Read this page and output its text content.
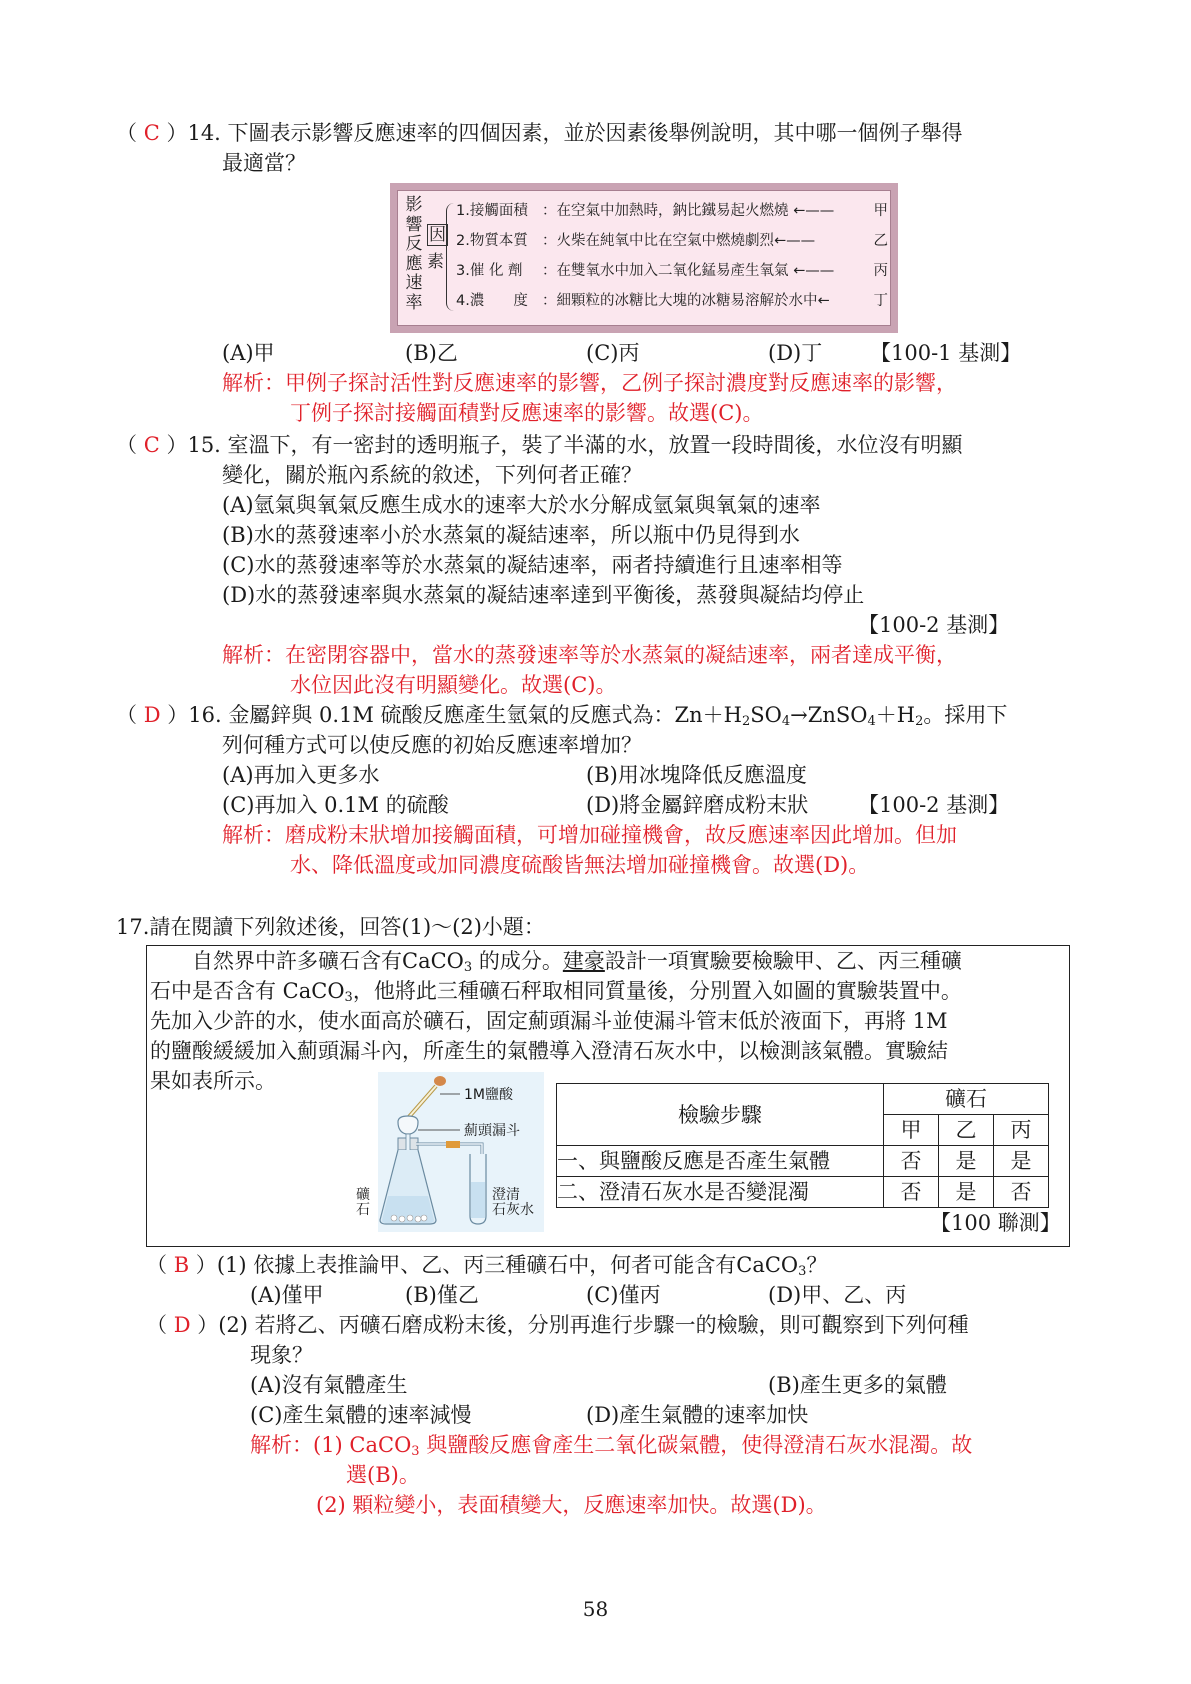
（ C ）14. 下圖表示影響反應速率的四個因素，並於因素後舉例說明，其中哪一個例子舉得
最適當？
影
響
反
應
速
率
因
素
1.接觸面積 ：在空氣中加熱時，鈉比鐵易起火燃燒 ←——	甲
2.物質本質 ：火柴在純氧中比在空氣中燃燒劇烈←——	乙
3.催 化 劑 ：在雙氧水中加入二氧化錳易產生氧氣 ←——	丙
4.濃　　度 ：細顆粒的冰糖比大塊的冰糖易溶解於水中←	丁
(A)甲	(B)乙	(C)丙	(D)丁 【100-1 基測】
解析：甲例子探討活性對反應速率的影響，乙例子探討濃度對反應速率的影響，
丁例子探討接觸面積對反應速率的影響。故選(C)。
（ C ）15. 室溫下，有一密封的透明瓶子，裝了半滿的水，放置一段時間後，水位沒有明顯
變化，關於瓶內系統的敘述，下列何者正確？
(A)氫氣與氧氣反應生成水的速率大於水分解成氫氣與氧氣的速率
(B)水的蒸發速率小於水蒸氣的凝結速率，所以瓶中仍見得到水
(C)水的蒸發速率等於水蒸氣的凝結速率，兩者持續進行且速率相等
(D)水的蒸發速率與水蒸氣的凝結速率達到平衡後，蒸發與凝結均停止
【100-2 基測】
解析：在密閉容器中，當水的蒸發速率等於水蒸氣的凝結速率，兩者達成平衡，
水位因此沒有明顯變化。故選(C)。
（ D ）16. 金屬鋅與 0.1M 硫酸反應產生氫氣的反應式為：$Zn+H_2SO_4\to ZnSO_4+H_2$。採用下
列何種方式可以使反應的初始反應速率增加？
(A)再加入更多水	(B)用冰塊降低反應溫度
(C)再加入 0.1M 的硫酸	(D)將金屬鋅磨成粉末狀 【100-2 基測】
解析：磨成粉末狀增加接觸面積，可增加碰撞機會，故反應速率因此增加。但加
水、降低溫度或加同濃度硫酸皆無法增加碰撞機會。故選(D)。
17.請在閱讀下列敘述後，回答(1)～(2)小題：
自然界中許多礦石含有CaCO$_3$ 的成分。建豪設計一項實驗要檢驗甲、乙、丙三種礦
石中是否含有 CaCO$_3$，他將此三種礦石秤取相同質量後，分別置入如圖的實驗裝置中。
先加入少許的水，使水面高於礦石，固定薊頭漏斗並使漏斗管末低於液面下，再將 1M
的鹽酸緩緩加入薊頭漏斗內，所產生的氣體導入澄清石灰水中，以檢測該氣體。實驗結
果如表所示。
1M鹽酸
薊頭漏斗
礦
石
澄清
石灰水
檢驗步驟	礦石		
	甲	乙	丙
一、與鹽酸反應是否產生氣體	否	是	是
二、澄清石灰水是否變混濁	否	是	否
【100 聯測】
（ B ）(1) 依據上表推論甲、乙、丙三種礦石中，何者可能含有CaCO$_3$？
(A)僅甲	(B)僅乙	(C)僅丙	(D)甲、乙、丙
（ D ）(2) 若將乙、丙礦石磨成粉末後，分別再進行步驟一的檢驗，則可觀察到下列何種
現象？
(A)沒有氣體產生	(B)產生更多的氣體
(C)產生氣體的速率減慢	(D)產生氣體的速率加快
解析：(1) CaCO$_3$ 與鹽酸反應會產生二氧化碳氣體，使得澄清石灰水混濁。故
選(B)。
(2) 顆粒變小，表面積變大，反應速率加快。故選(D)。
58
